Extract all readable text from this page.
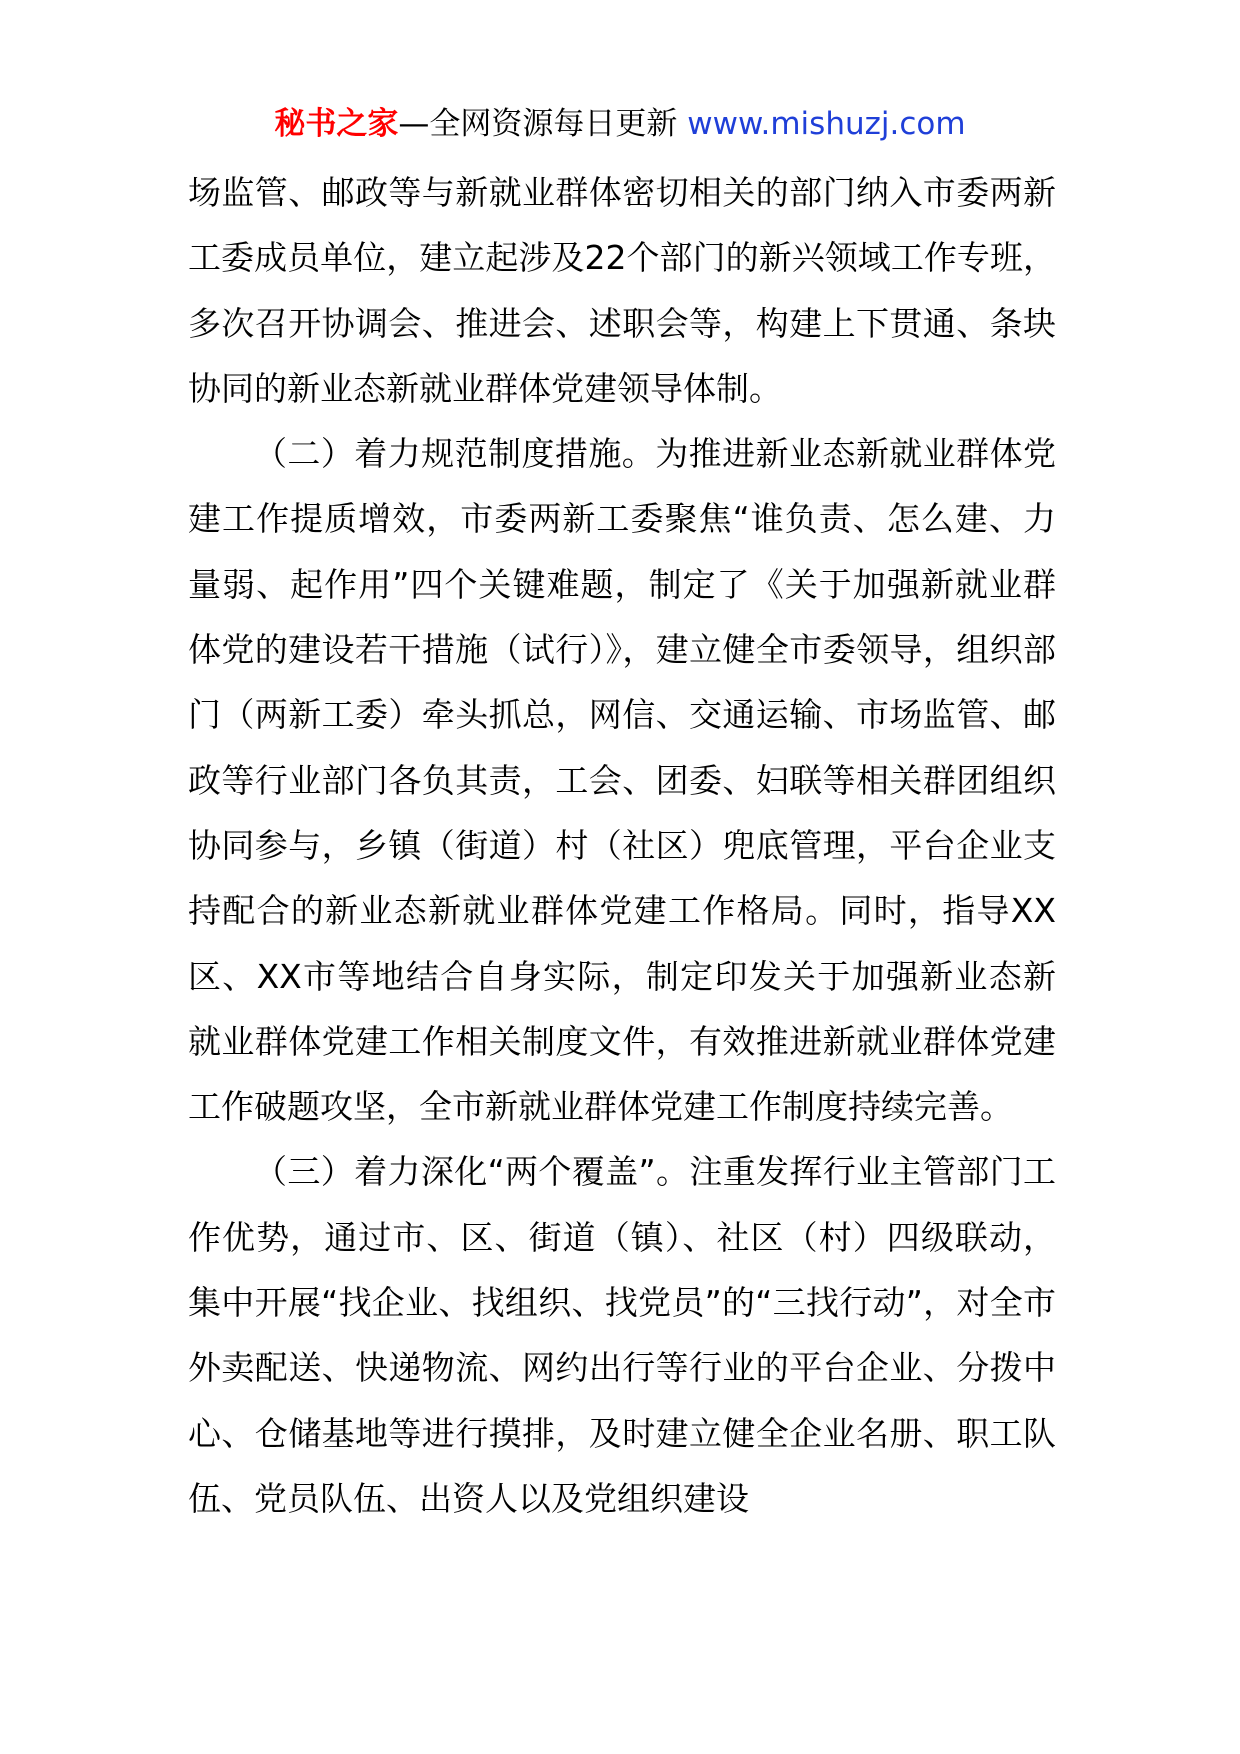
秘书之家—全网资源每日更新 www.mishuzj.com

场监管、邮政等与新就业群体密切相关的部门纳入市委两新工委成员单位，建立起涉及22个部门的新兴领域工作专班，多次召开协调会、推进会、述职会等，构建上下贯通、条块协同的新业态新就业群体党建领导体制。

（二）着力规范制度措施。为推进新业态新就业群体党建工作提质增效，市委两新工委聚焦“谁负责、怎么建、力量弱、起作用”四个关键难题，制定了《关于加强新就业群体党的建设若干措施（试行）》，建立健全市委领导，组织部门（两新工委）牵头抓总，网信、交通运输、市场监管、邮政等行业部门各负其责，工会、团委、妇联等相关群团组织协同参与，乡镇（街道）村（社区）兜底管理，平台企业支持配合的新业态新就业群体党建工作格局。同时，指导XX区、XX市等地结合自身实际，制定印发关于加强新业态新就业群体党建工作相关制度文件，有效推进新就业群体党建工作破题攻坚，全市新就业群体党建工作制度持续完善。

（三）着力深化“两个覆盖”。注重发挥行业主管部门工作优势，通过市、区、街道（镇）、社区（村）四级联动，集中开展“找企业、找组织、找党员”的“三找行动”，对全市外卖配送、快递物流、网约出行等行业的平台企业、分拨中心、仓储基地等进行摸排，及时建立健全企业名册、职工队伍、党员队伍、出资人以及党组织建设
